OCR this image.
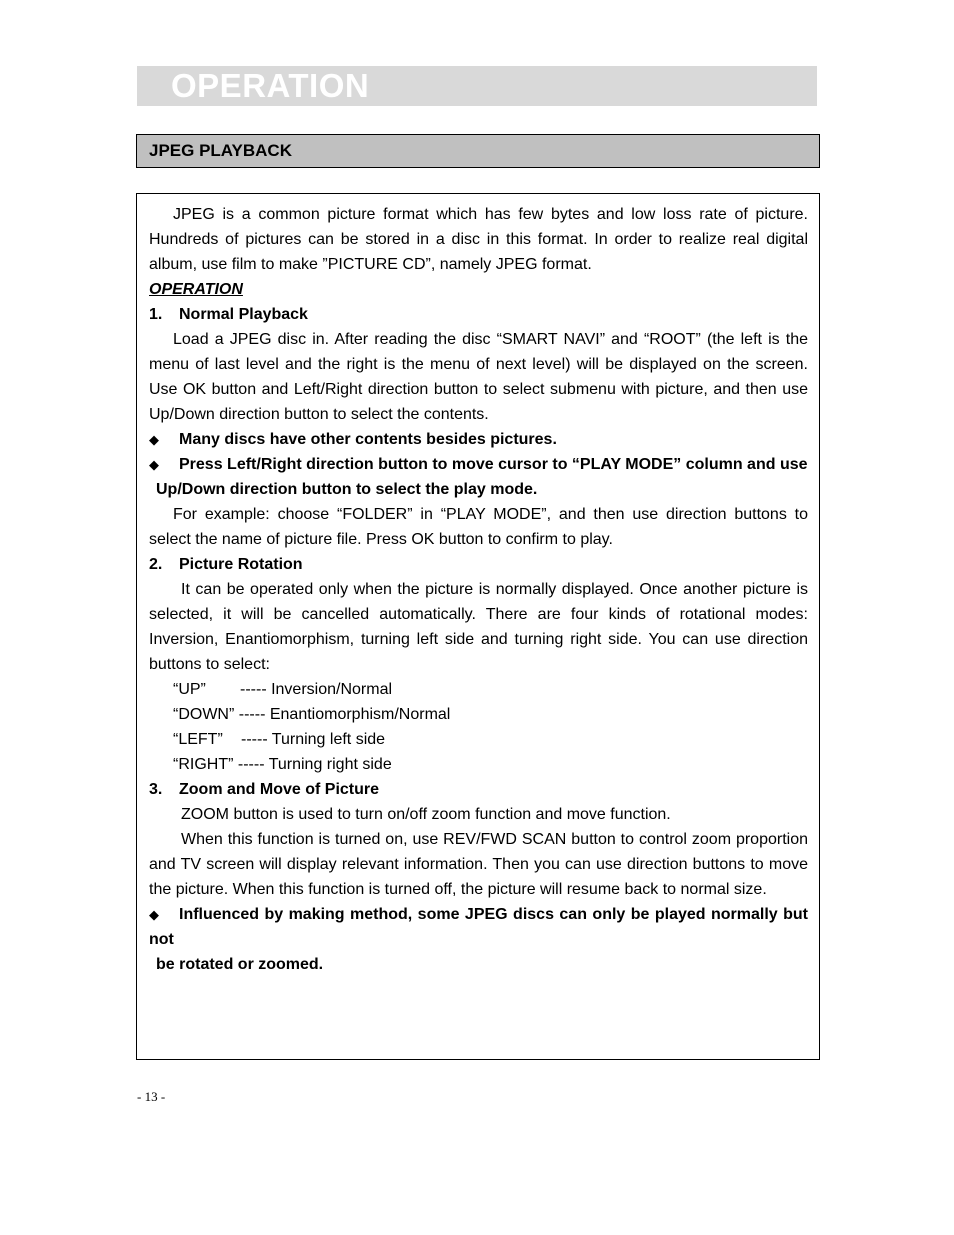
OPERATION
JPEG PLAYBACK

JPEG is a common picture format which has few bytes and low loss rate of picture. Hundreds of pictures can be stored in a disc in this format. In order to realize real digital album, use film to make ”PICTURE CD”, namely JPEG format.

OPERATION

1. Normal Playback

Load a JPEG disc in. After reading the disc “SMART NAVI” and “ROOT” (the left is the menu of last level and the right is the menu of next level) will be displayed on the screen. Use OK button and Left/Right direction button to select submenu with picture, and then use Up/Down direction button to select the contents.

◆ Many discs have other contents besides pictures.

◆ Press Left/Right direction button to move cursor to “PLAY MODE” column and use

Up/Down direction button to select the play mode.

For example: choose “FOLDER” in “PLAY MODE”, and then use direction buttons to select the name of picture file. Press OK button to confirm to play.

2. Picture Rotation

It can be operated only when the picture is normally displayed. Once another picture is selected, it will be cancelled automatically. There are four kinds of rotational modes: Inversion, Enantiomorphism, turning left side and turning right side. You can use direction buttons to select:

“UP” ----- Inversion/Normal
“DOWN” ----- Enantiomorphism/Normal
“LEFT” ----- Turning left side
“RIGHT” ----- Turning right side

3. Zoom and Move of Picture

ZOOM button is used to turn on/off zoom function and move function.

When this function is turned on, use REV/FWD SCAN button to control zoom proportion and TV screen will display relevant information. Then you can use direction buttons to move the picture. When this function is turned off, the picture will resume back to normal size.

◆ Influenced by making method, some JPEG discs can only be played normally but not

be rotated or zoomed.

- 13 -
